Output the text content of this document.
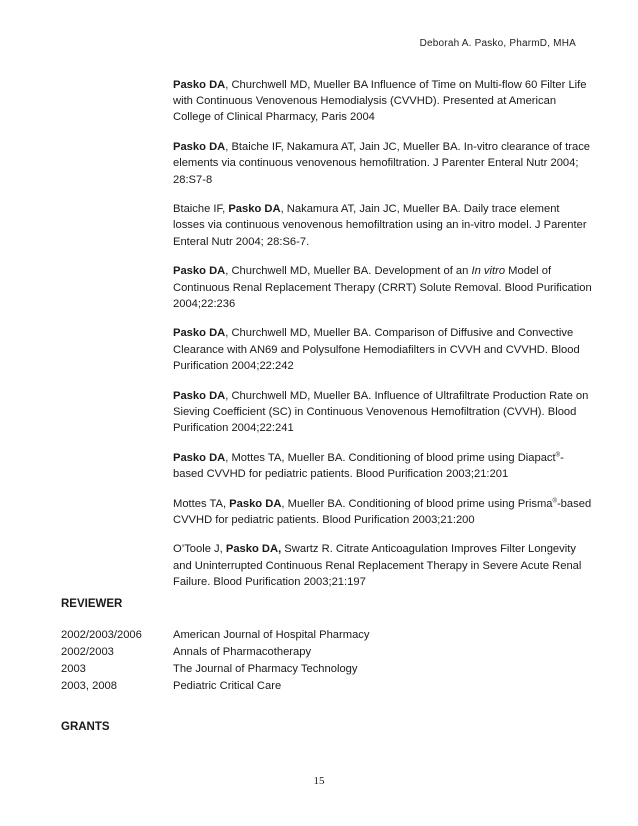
Deborah A. Pasko, PharmD, MHA

Pasko DA, Churchwell MD, Mueller BA Influence of Time on Multi-flow 60 Filter Life with Continuous Venovenous Hemodialysis (CVVHD). Presented at American College of Clinical Pharmacy, Paris 2004

Pasko DA, Btaiche IF, Nakamura AT, Jain JC, Mueller BA. In-vitro clearance of trace elements via continuous venovenous hemofiltration. J Parenter Enteral Nutr 2004; 28:S7-8

Btaiche IF, Pasko DA, Nakamura AT, Jain JC, Mueller BA. Daily trace element losses via continuous venovenous hemofiltration using an in-vitro model. J Parenter Enteral Nutr 2004; 28:S6-7.

Pasko DA, Churchwell MD, Mueller BA. Development of an In vitro Model of Continuous Renal Replacement Therapy (CRRT) Solute Removal. Blood Purification 2004;22:236

Pasko DA, Churchwell MD, Mueller BA. Comparison of Diffusive and Convective Clearance with AN69 and Polysulfone Hemodiafilters in CVVH and CVVHD. Blood Purification 2004;22:242

Pasko DA, Churchwell MD, Mueller BA. Influence of Ultrafiltrate Production Rate on Sieving Coefficient (SC) in Continuous Venovenous Hemofiltration (CVVH). Blood Purification 2004;22:241

Pasko DA, Mottes TA, Mueller BA. Conditioning of blood prime using Diapact®-based CVVHD for pediatric patients. Blood Purification 2003;21:201

Mottes TA, Pasko DA, Mueller BA. Conditioning of blood prime using Prisma®-based CVVHD for pediatric patients. Blood Purification 2003;21:200

O’Toole J, Pasko DA, Swartz R. Citrate Anticoagulation Improves Filter Longevity and Uninterrupted Continuous Renal Replacement Therapy in Severe Acute Renal Failure. Blood Purification 2003;21:197

REVIEWER
2002/2003/2006	American Journal of Hospital Pharmacy
2002/2003	Annals of Pharmacotherapy
2003	The Journal of Pharmacy Technology
2003, 2008	Pediatric Critical Care
GRANTS
15
